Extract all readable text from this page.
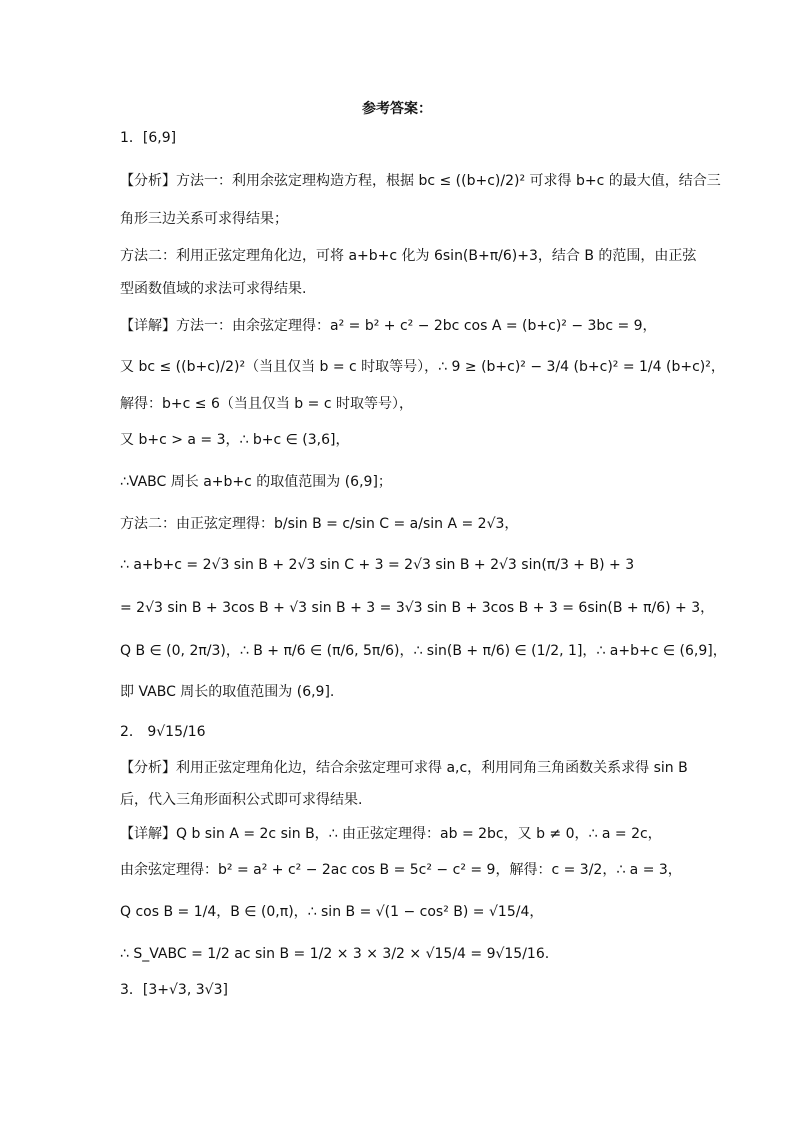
参考答案：
1．[6,9]
【分析】方法一：利用余弦定理构造方程，根据 bc ≤ ((b+c)/2)² 可求得 b+c 的最大值，结合三
角形三边关系可求得结果；
方法二：利用正弦定理角化边，可将 a+b+c 化为 6sin(B+π/6)+3，结合 B 的范围，由正弦
型函数值域的求法可求得结果.
【详解】方法一：由余弦定理得：a² = b² + c² − 2bc cos A = (b+c)² − 3bc = 9，
又 bc ≤ ((b+c)/2)²（当且仅当 b = c 时取等号），∴ 9 ≥ (b+c)² − 3/4 (b+c)² = 1/4 (b+c)²，
解得：b+c ≤ 6（当且仅当 b = c 时取等号），
又 b+c > a = 3，∴ b+c ∈ (3,6]，
∴VABC 周长 a+b+c 的取值范围为 (6,9]；
方法二：由正弦定理得：b/sin B = c/sin C = a/sin A = 2√3，
∴ a+b+c = 2√3 sin B + 2√3 sin C + 3 = 2√3 sin B + 2√3 sin(π/3 + B) + 3
= 2√3 sin B + 3cos B + √3 sin B + 3 = 3√3 sin B + 3cos B + 3 = 6sin(B + π/6) + 3，
Q B ∈ (0, 2π/3)，∴ B + π/6 ∈ (π/6, 5π/6)，∴ sin(B + π/6) ∈ (1/2, 1]，∴ a+b+c ∈ (6,9]，
即 VABC 周长的取值范围为 (6,9].
2． 9√15/16
【分析】利用正弦定理角化边，结合余弦定理可求得 a,c，利用同角三角函数关系求得 sin B
后，代入三角形面积公式即可求得结果.
【详解】Q b sin A = 2c sin B，∴ 由正弦定理得：ab = 2bc，又 b ≠ 0，∴ a = 2c，
由余弦定理得：b² = a² + c² − 2ac cos B = 5c² − c² = 9，解得：c = 3/2，∴ a = 3，
Q cos B = 1/4，B ∈ (0,π)，∴ sin B = √(1 − cos² B) = √15/4，
∴ S_VABC = 1/2 ac sin B = 1/2 × 3 × 3/2 × √15/4 = 9√15/16.
3．[3+√3, 3√3]
